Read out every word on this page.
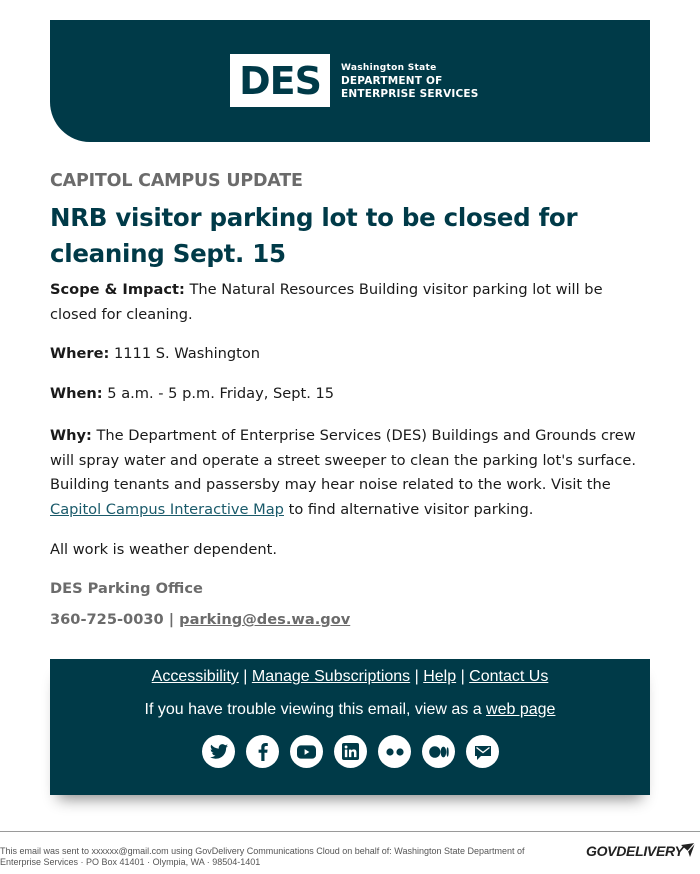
DES Washington State
DEPARTMENT OF
ENTERPRISE SERVICES
CAPITOL CAMPUS UPDATE
NRB visitor parking lot to be closed for cleaning Sept. 15
Scope & Impact: The Natural Resources Building visitor parking lot will be closed for cleaning.
Where: 1111 S. Washington
When: 5 a.m. - 5 p.m. Friday, Sept. 15
Why: The Department of Enterprise Services (DES) Buildings and Grounds crew will spray water and operate a street sweeper to clean the parking lot's surface. Building tenants and passersby may hear noise related to the work. Visit the Capitol Campus Interactive Map to find alternative visitor parking.
All work is weather dependent.
DES Parking Office
360-725-0030 | parking@des.wa.gov
Accessibility | Manage Subscriptions | Help | Contact Us
If you have trouble viewing this email, view as a web page
This email was sent to xxxxxx@gmail.com using GovDelivery Communications Cloud on behalf of: Washington State Department of
Enterprise Services · PO Box 41401 · Olympia, WA · 98504-1401
GOVDELIVERY
